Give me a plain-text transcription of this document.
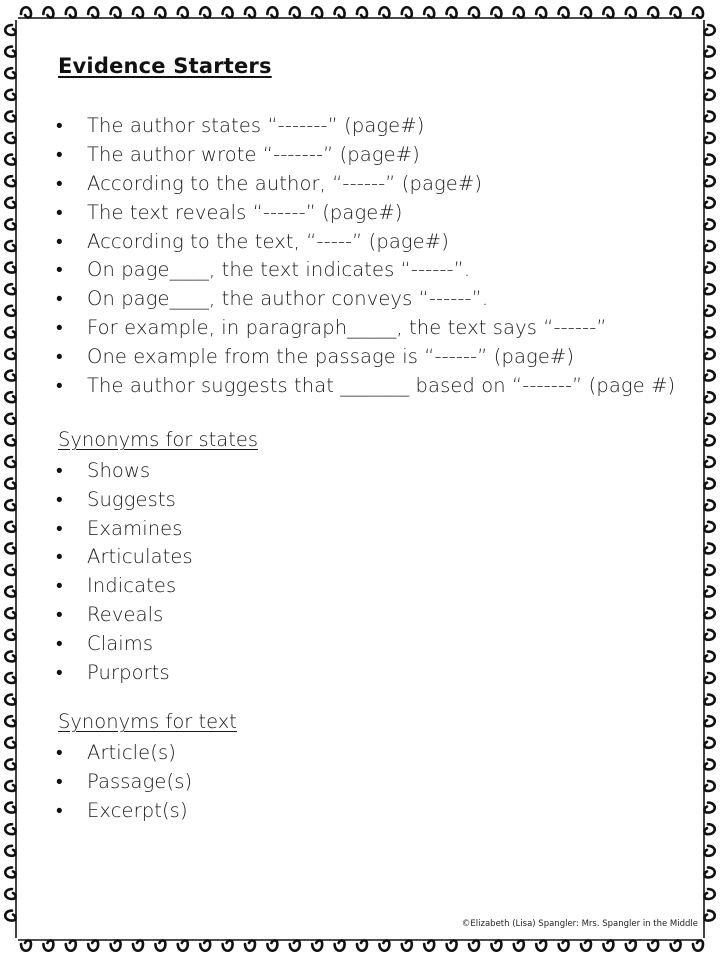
Evidence Starters
• The author states “-------” (page#)
• The author wrote “-------” (page#)
• According to the author, “------” (page#)
• The text reveals “------” (page#)
• According to the text, “-----” (page#)
• On page____, the text indicates “------”.
• On page____, the author conveys “------”.
• For example, in paragraph_____, the text says “------”
• One example from the passage is “------” (page#)
• The author suggests that _______ based on “-------” (page #)
Synonyms for states
• Shows
• Suggests
• Examines
• Articulates
• Indicates
• Reveals
• Claims
• Purports
Synonyms for text
• Article(s)
• Passage(s)
• Excerpt(s)
©Elizabeth (Lisa) Spangler: Mrs. Spangler in the Middle
